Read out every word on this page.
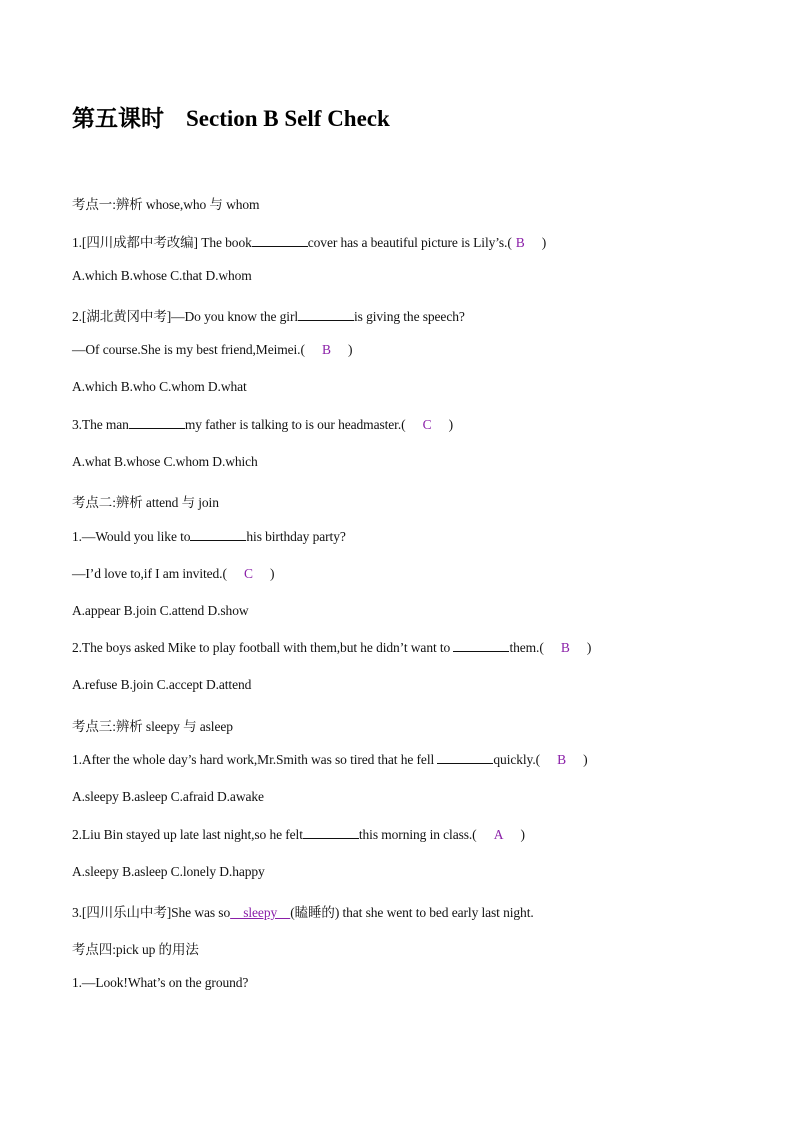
第五课时 Section B Self Check
考点一:辨析 whose,who 与 whom
1.[四川成都中考改编] The book	cover has a beautiful picture is Lily’s.( B )
A.which B.whose C.that D.whom
2.[湖北黄冈中考]—Do you know the girl	is giving the speech?
—Of course.She is my best friend,Meimei.( B )
A.which B.who C.whom D.what
3.The man	my father is talking to is our headmaster.( C )
A.what B.whose C.whom D.which
考点二:辨析 attend 与 join
1.—Would you like to	his birthday party?
—I’d love to,if I am invited.( C )
A.appear B.join C.attend D.show
2.The boys asked Mike to play football with them,but he didn’t want to	them.( B )
A.refuse B.join C.accept D.attend
考点三:辨析 sleepy 与 asleep
1.After the whole day’s hard work,Mr.Smith was so tired that he fell	quickly.( B )
A.sleepy B.asleep C.afraid D.awake
2.Liu Bin stayed up late last night,so he felt	this morning in class.( A )
A.sleepy B.asleep C.lonely D.happy
3.[四川乐山中考]She was so    sleepy    (瞌睡的) that she went to bed early last night.
考点四:pick up 的用法
1.—Look!What’s on the ground?
